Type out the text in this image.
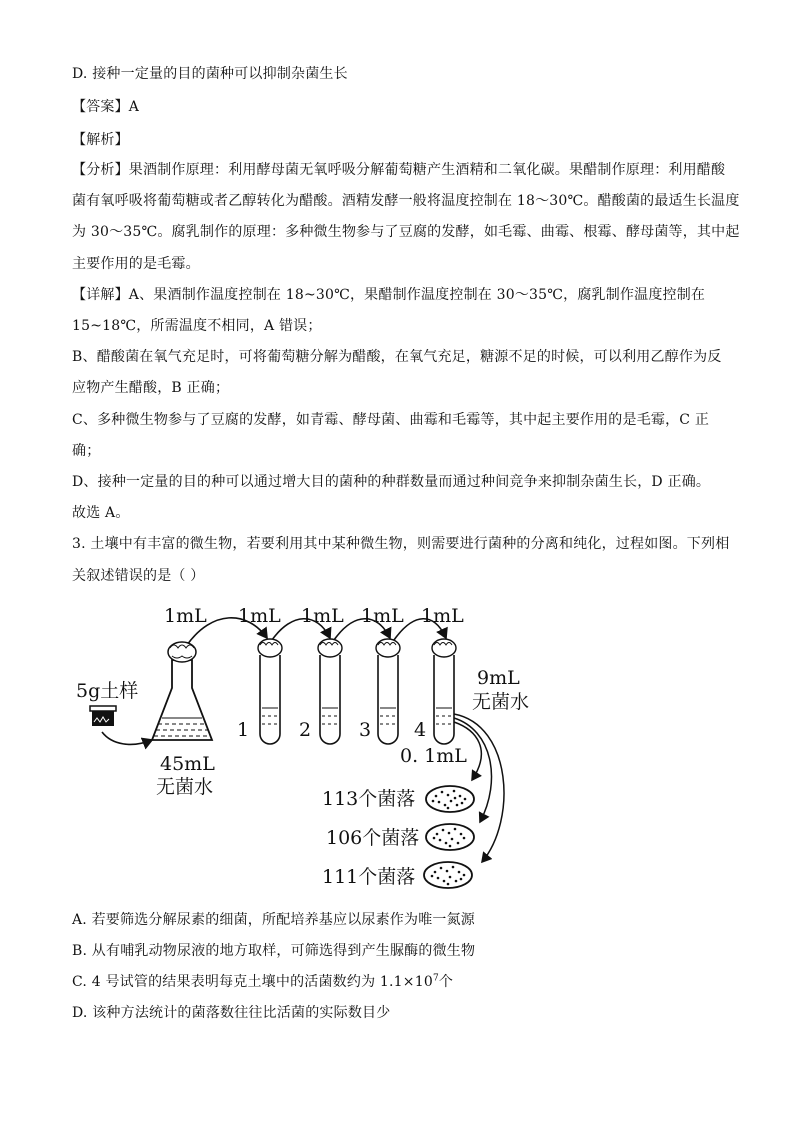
D. 接种一定量的目的菌种可以抑制杂菌生长
【答案】A
【解析】
【分析】果酒制作原理：利用酵母菌无氧呼吸分解葡萄糖产生酒精和二氧化碳。果醋制作原理：利用醋酸
菌有氧呼吸将葡萄糖或者乙醇转化为醋酸。酒精发酵一般将温度控制在 18～30℃。醋酸菌的最适生长温度
为 30～35℃。腐乳制作的原理：多种微生物参与了豆腐的发酵，如毛霉、曲霉、根霉、酵母菌等，其中起
主要作用的是毛霉。
【详解】A、果酒制作温度控制在 18~30℃，果醋制作温度控制在 30～35℃，腐乳制作温度控制在
15~18℃，所需温度不相同，A 错误；
B、醋酸菌在氧气充足时，可将葡萄糖分解为醋酸，在氧气充足，糖源不足的时候，可以利用乙醇作为反
应物产生醋酸，B 正确；
C、多种微生物参与了豆腐的发酵，如青霉、酵母菌、曲霉和毛霉等，其中起主要作用的是毛霉，C 正
确；
D、接种一定量的目的种可以通过增大目的菌种的种群数量而通过种间竞争来抑制杂菌生长，D 正确。
故选 A。
3. 土壤中有丰富的微生物，若要利用其中某种微生物，则需要进行菌种的分离和纯化，过程如图。下列相
关叙述错误的是（ ）
1mL 1mL 1mL 1mL 1mL
5g土样
45mL
无菌水
1	2	3 4
9mL
无菌水
0. 1mL
113个菌落
106个菌落
111个菌落
A. 若要筛选分解尿素的细菌，所配培养基应以尿素作为唯一氮源
B. 从有哺乳动物尿液的地方取样，可筛选得到产生脲酶的微生物
C. 4 号试管的结果表明每克土壤中的活菌数约为 $1.1\times 10^7$个
D. 该种方法统计的菌落数往往比活菌的实际数目少
